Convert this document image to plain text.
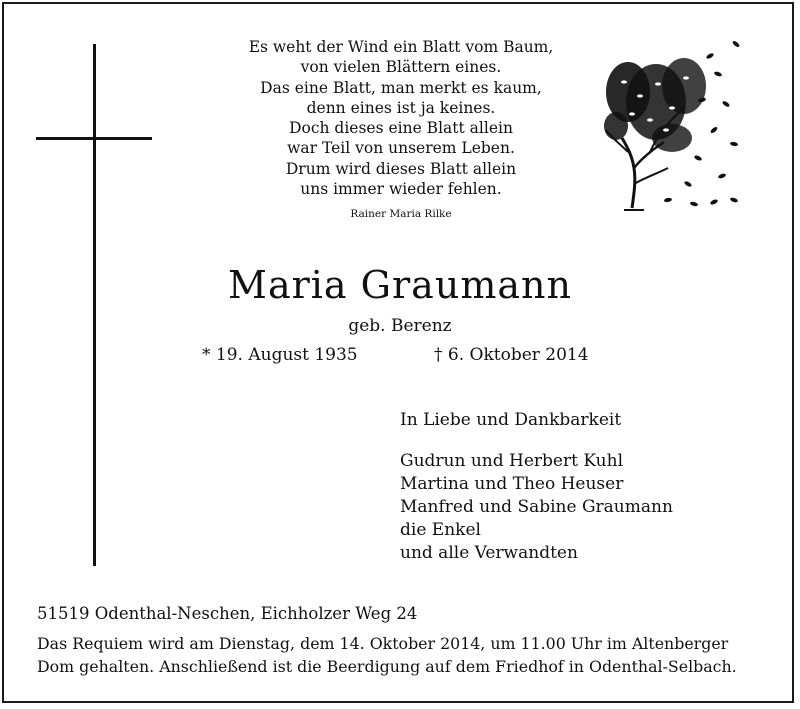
Es weht der Wind ein Blatt vom Baum,
von vielen Blättern eines.
Das eine Blatt, man merkt es kaum,
denn eines ist ja keines.
Doch dieses eine Blatt allein
war Teil von unserem Leben.
Drum wird dieses Blatt allein
uns immer wieder fehlen.
Rainer Maria Rilke
Maria Graumann
geb. Berenz
* 19. August 1935	† 6. Oktober 2014
In Liebe und Dankbarkeit
Gudrun und Herbert Kuhl
Martina und Theo Heuser
Manfred und Sabine Graumann
die Enkel
und alle Verwandten
51519 Odenthal-Neschen, Eichholzer Weg 24
Das Requiem wird am Dienstag, dem 14. Oktober 2014, um 11.00 Uhr im Altenberger
Dom gehalten. Anschließend ist die Beerdigung auf dem Friedhof in Odenthal-Selbach.
